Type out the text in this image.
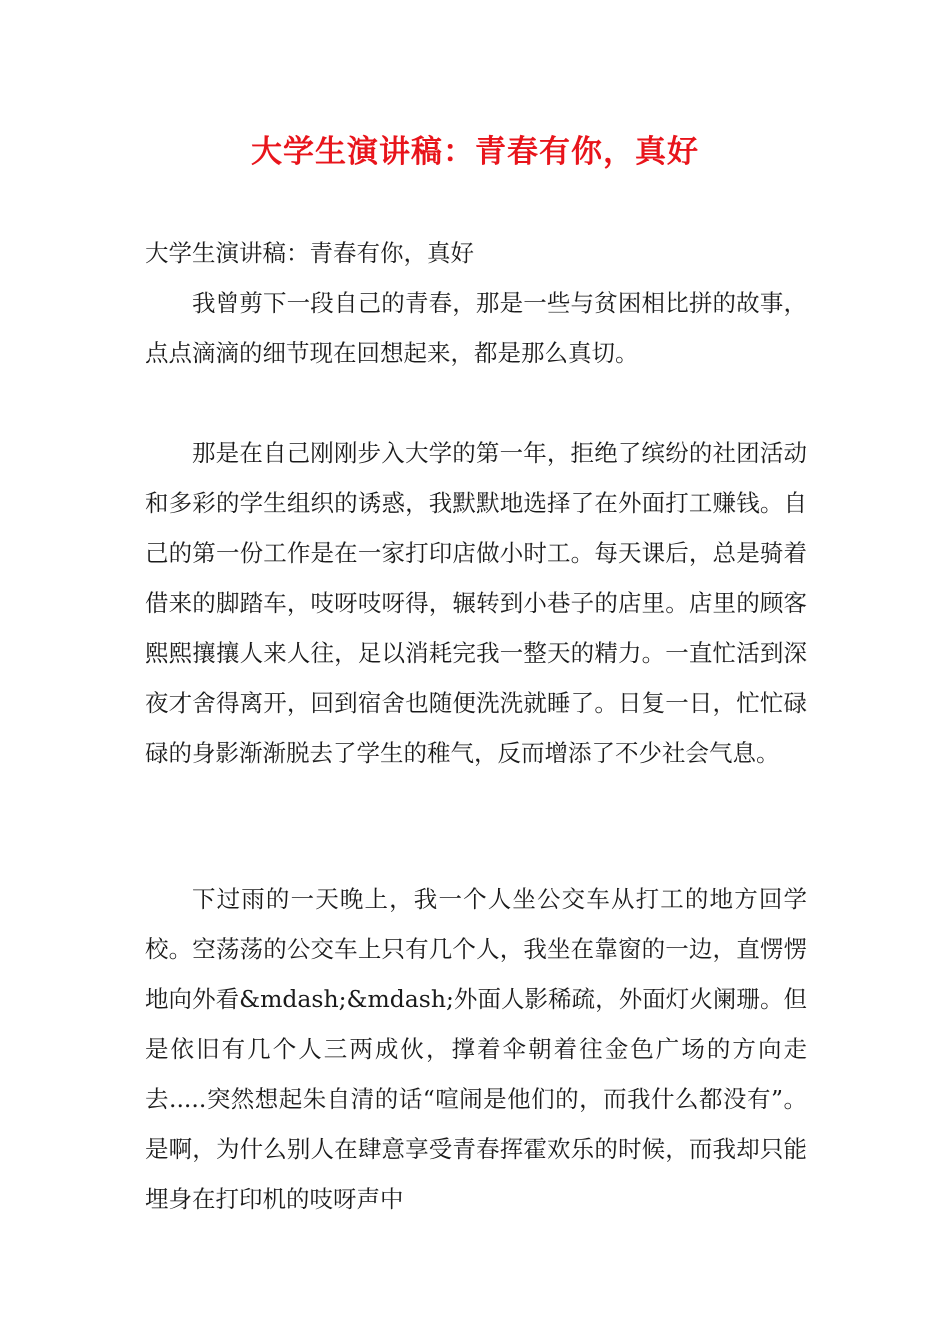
大学生演讲稿：青春有你，真好
大学生演讲稿：青春有你，真好
我曾剪下一段自己的青春，那是一些与贫困相比拼的故事，点点滴滴的细节现在回想起来，都是那么真切。
那是在自己刚刚步入大学的第一年，拒绝了缤纷的社团活动和多彩的学生组织的诱惑，我默默地选择了在外面打工赚钱。自己的第一份工作是在一家打印店做小时工。每天课后，总是骑着借来的脚踏车，吱呀吱呀得，辗转到小巷子的店里。店里的顾客熙熙攘攘人来人往，足以消耗完我一整天的精力。一直忙活到深夜才舍得离开，回到宿舍也随便洗洗就睡了。日复一日，忙忙碌碌的身影渐渐脱去了学生的稚气，反而增添了不少社会气息。
下过雨的一天晚上，我一个人坐公交车从打工的地方回学校。空荡荡的公交车上只有几个人，我坐在靠窗的一边，直愣愣地向外看&mdash;&mdash;外面人影稀疏，外面灯火阑珊。但是依旧有几个人三两成伙，撑着伞朝着往金色广场的方向走去.....突然想起朱自清的话“喧闹是他们的，而我什么都没有”。是啊，为什么别人在肆意享受青春挥霍欢乐的时候，而我却只能埋身在打印机的吱呀声中
